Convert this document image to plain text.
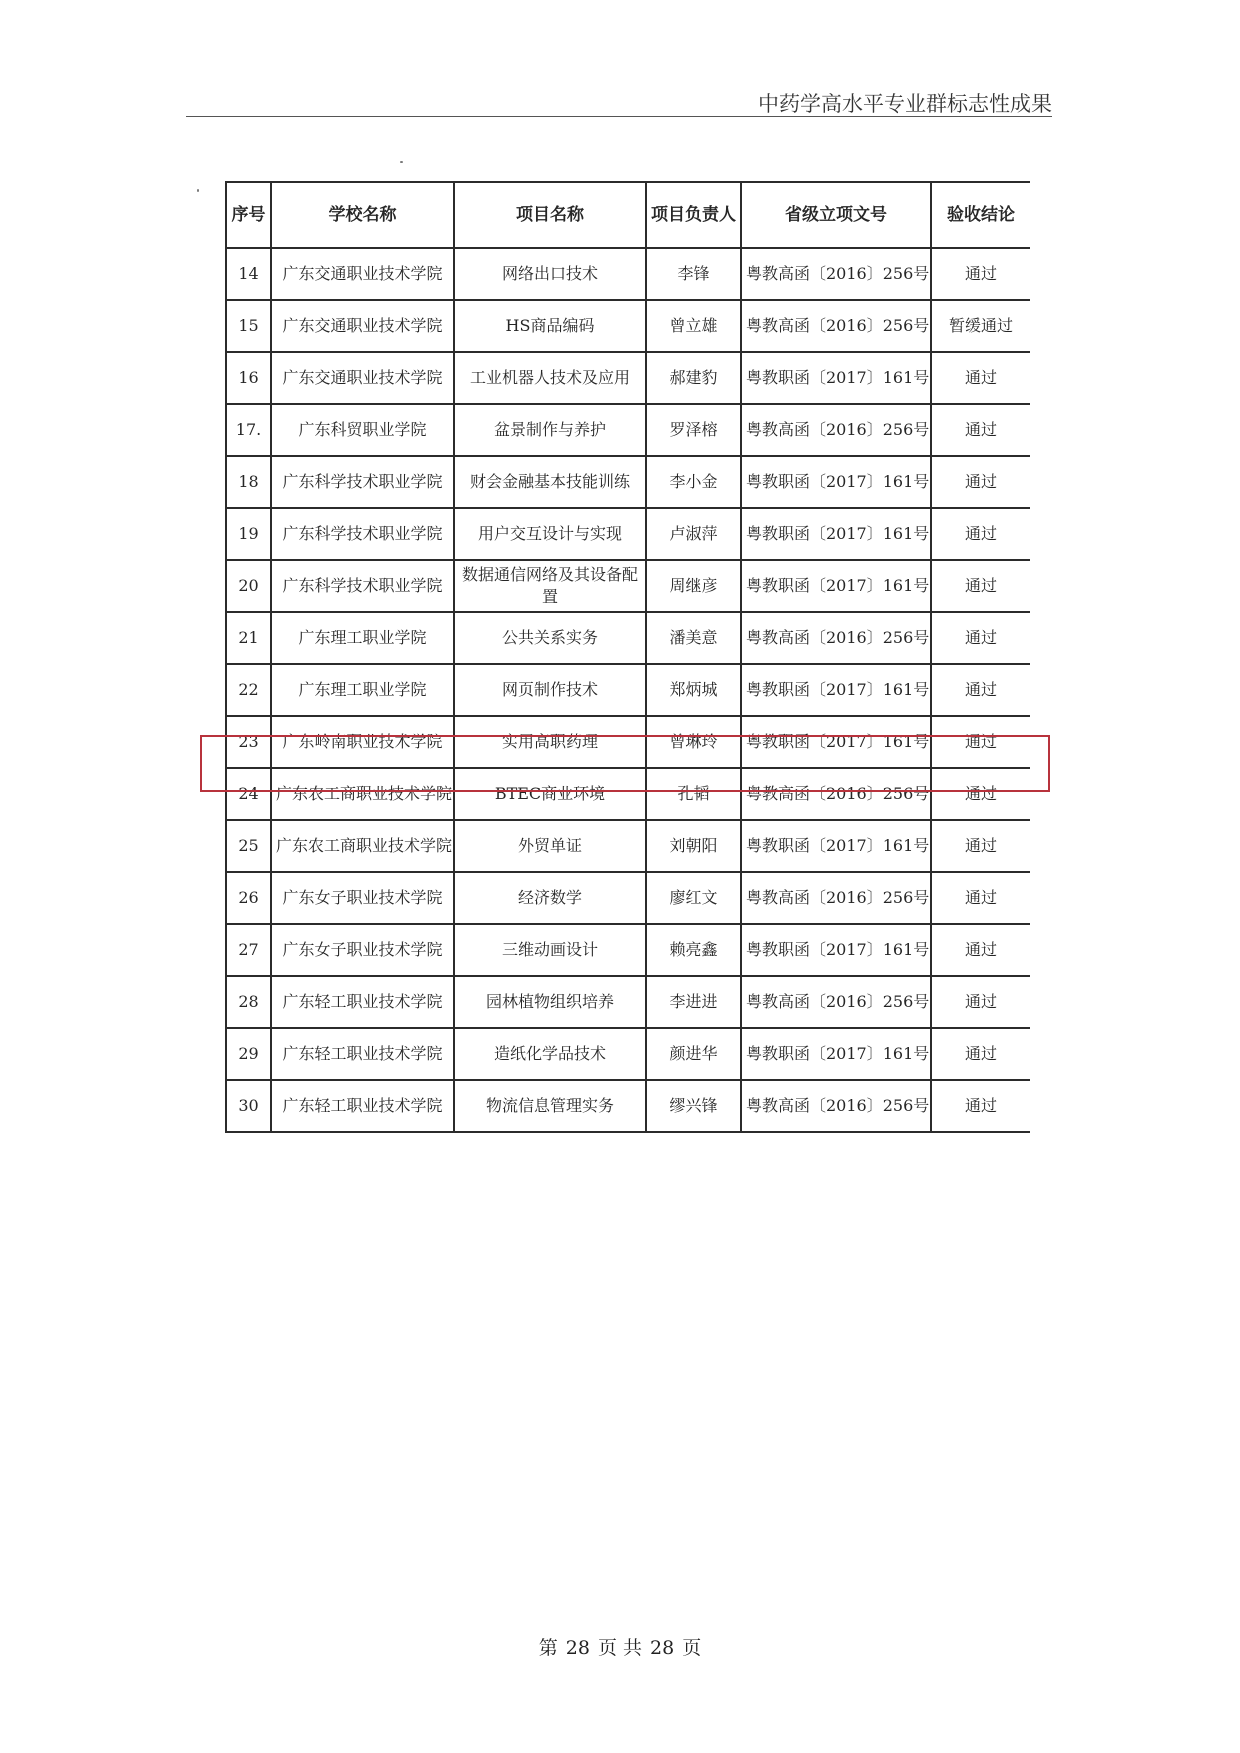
中药学高水平专业群标志性成果
序号	学校名称	项目名称	项目负责人	省级立项文号	验收结论
14	广东交通职业技术学院	网络出口技术	李锋	粤教高函〔2016〕256号	通过
15	广东交通职业技术学院	HS商品编码	曾立雄	粤教高函〔2016〕256号	暂缓通过
16	广东交通职业技术学院	工业机器人技术及应用	郝建豹	粤教职函〔2017〕161号	通过
17.	广东科贸职业学院	盆景制作与养护	罗泽榕	粤教高函〔2016〕256号	通过
18	广东科学技术职业学院	财会金融基本技能训练	李小金	粤教职函〔2017〕161号	通过
19	广东科学技术职业学院	用户交互设计与实现	卢淑萍	粤教职函〔2017〕161号	通过
20	广东科学技术职业学院	数据通信网络及其设备配置	周继彦	粤教职函〔2017〕161号	通过
21	广东理工职业学院	公共关系实务	潘美意	粤教高函〔2016〕256号	通过
22	广东理工职业学院	网页制作技术	郑炳城	粤教职函〔2017〕161号	通过
23	广东岭南职业技术学院	实用高职药理	曾琳玲	粤教职函〔2017〕161号	通过
24	广东农工商职业技术学院	BTEC商业环境	孔韬	粤教高函〔2016〕256号	通过
25	广东农工商职业技术学院	外贸单证	刘朝阳	粤教职函〔2017〕161号	通过
26	广东女子职业技术学院	经济数学	廖红文	粤教高函〔2016〕256号	通过
27	广东女子职业技术学院	三维动画设计	赖亮鑫	粤教职函〔2017〕161号	通过
28	广东轻工职业技术学院	园林植物组织培养	李进进	粤教高函〔2016〕256号	通过
29	广东轻工职业技术学院	造纸化学品技术	颜进华	粤教职函〔2017〕161号	通过
30	广东轻工职业技术学院	物流信息管理实务	缪兴锋	粤教高函〔2016〕256号	通过
第 28 页 共 28 页
